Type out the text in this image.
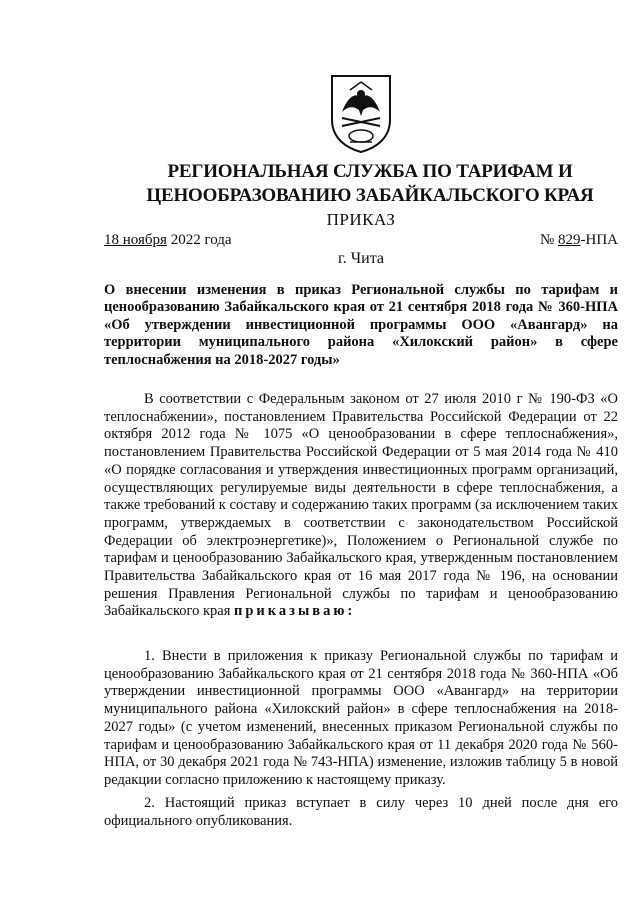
РЕГИОНАЛЬНАЯ СЛУЖБА ПО ТАРИФАМ И
ЦЕНООБРАЗОВАНИЮ ЗАБАЙКАЛЬСКОГО КРАЯ
ПРИКАЗ
18 ноября 2022 года	№ 829-НПА
г. Чита
О внесении изменения в приказ Региональной службы по тарифам и ценообразованию Забайкальского края от 21 сентября 2018 года № 360-НПА «Об утверждении инвестиционной программы ООО «Авангард» на территории муниципального района «Хилокский район» в сфере теплоснабжения на 2018-2027 годы»
В соответствии с Федеральным законом от 27 июля 2010 г № 190-ФЗ «О теплоснабжении», постановлением Правительства Российской Федерации от 22 октября 2012 года № 1075 «О ценообразовании в сфере теплоснабжения», постановлением Правительства Российской Федерации от 5 мая 2014 года № 410 «О порядке согласования и утверждения инвестиционных программ организаций, осуществляющих регулируемые виды деятельности в сфере теплоснабжения, а также требований к составу и содержанию таких программ (за исключением таких программ, утверждаемых в соответствии с законодательством Российской Федерации об электроэнергетике)», Положением о Региональной службе по тарифам и ценообразованию Забайкальского края, утвержденным постановлением Правительства Забайкальского края от 16 мая 2017 года № 196, на основании решения Правления Региональной службы по тарифам и ценообразованию Забайкальского края приказываю:
1. Внести в приложения к приказу Региональной службы по тарифам и ценообразованию Забайкальского края от 21 сентября 2018 года № 360-НПА «Об утверждении инвестиционной программы ООО «Авангард» на территории муниципального района «Хилокский район» в сфере теплоснабжения на 2018-2027 годы» (с учетом изменений, внесенных приказом Региональной службы по тарифам и ценообразованию Забайкальского края от 11 декабря 2020 года № 560-НПА, от 30 декабря 2021 года № 743-НПА) изменение, изложив таблицу 5 в новой редакции согласно приложению к настоящему приказу.
2. Настоящий приказ вступает в силу через 10 дней после дня его официального опубликования.
